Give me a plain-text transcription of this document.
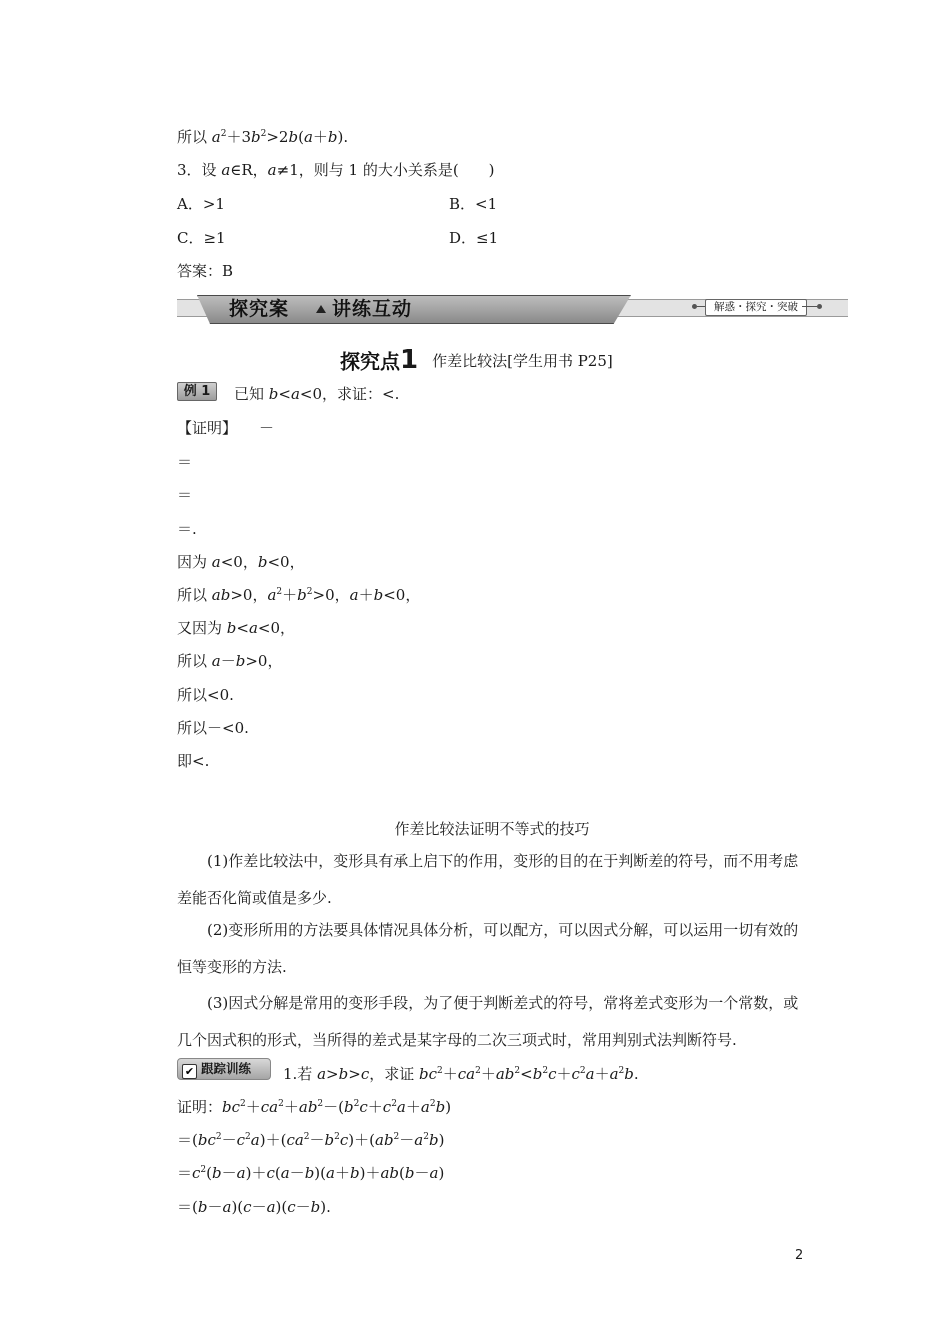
所以 $a^2+3b^2>2b(a+b)$.
3．设 a∈R，a≠1，则与 1 的大小关系是(　　)
A．>1	B．<1
C．≥1	D．≤1
答案：B
探究案 讲练互动	解惑・探究・突破
探究点1 作差比较法[学生用书 P25]
例 1	已知 b<a<0，求证：<.
【证明】 －
＝
＝
＝.
因为 a<0，b<0，
所以 ab>0，$a^2+b^2>0$，a＋b<0，
又因为 b<a<0，
所以 a－b>0，
所以<0.
所以－<0.
即<.
作差比较法证明不等式的技巧
(1)作差比较法中，变形具有承上启下的作用，变形的目的在于判断差的符号，而不用考虑差能否化简或值是多少.
(2)变形所用的方法要具体情况具体分析，可以配方，可以因式分解，可以运用一切有效的恒等变形的方法.
(3)因式分解是常用的变形手段，为了便于判断差式的符号，常将差式变形为一个常数，或几个因式积的形式，当所得的差式是某字母的二次三项式时，常用判别式法判断符号.
✔ 跟踪训练	1.若 a>b>c，求证 $bc^2+ca^2+ab^2<b^2c+c^2a+a^2b$.
证明：$bc^2+ca^2+ab^2-(b^2c+c^2a+a^2b)$
$=(bc^2-c^2a)+(ca^2-b^2c)+(ab^2-a^2b)$
$=c^2(b-a)+c(a-b)(a+b)+ab(b-a)$
＝(b－a)(c－a)(c－b).
2
